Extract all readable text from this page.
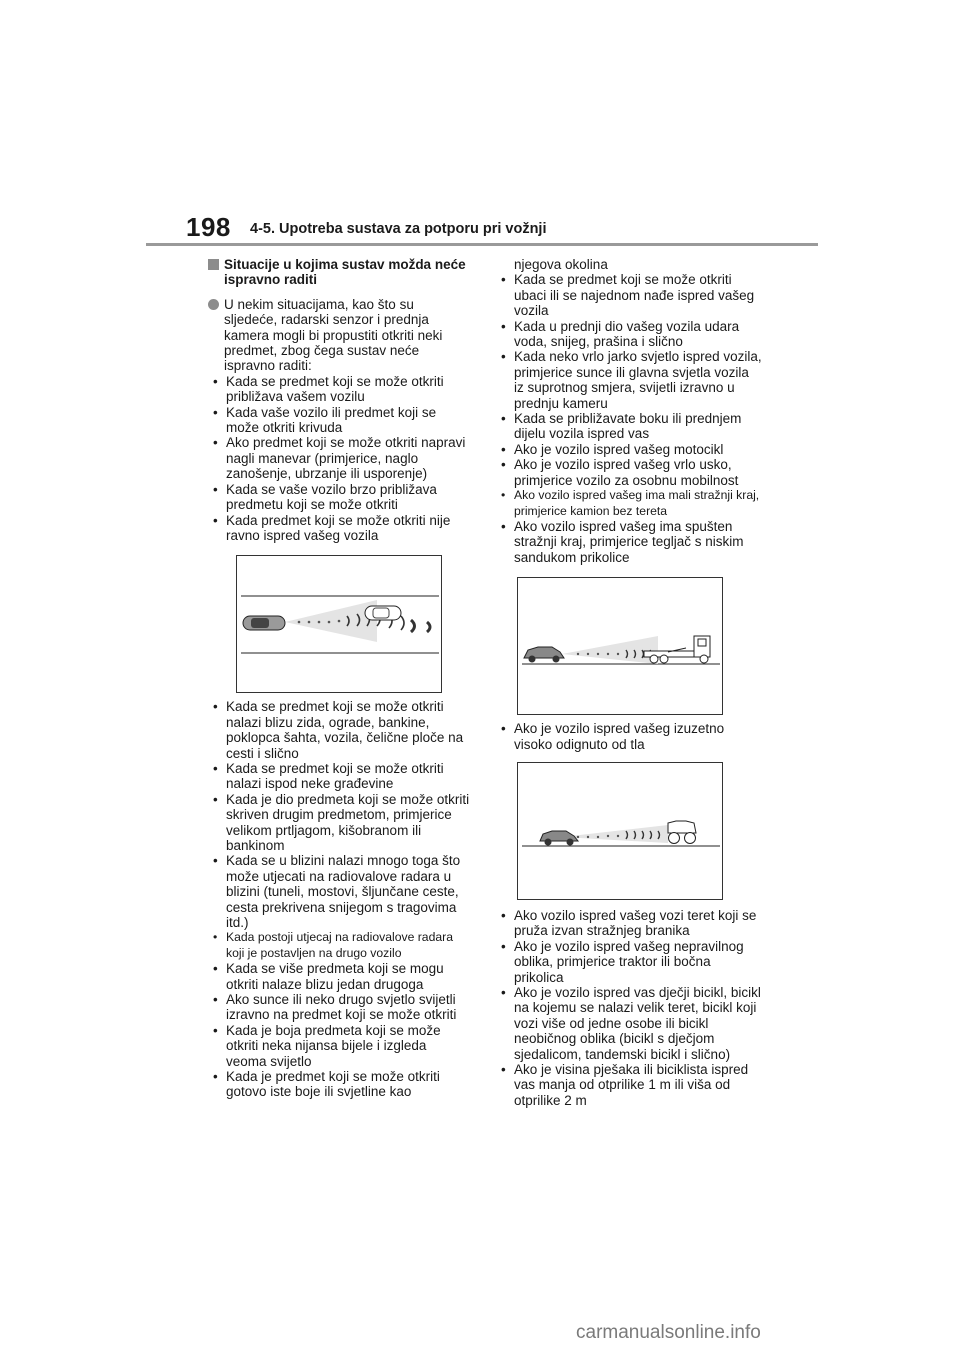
198 4-5. Upotreba sustava za potporu pri vožnji
Situacije u kojima sustav možda neće ispravno raditi
U nekim situacijama, kao što su sljedeće, radarski senzor i prednja kamera mogli bi propustiti otkriti neki predmet, zbog čega sustav neće ispravno raditi:
• Kada se predmet koji se može otkriti približava vašem vozilu
• Kada vaše vozilo ili predmet koji se može otkriti krivuda
• Ako predmet koji se može otkriti napravi nagli manevar (primjerice, naglo zanošenje, ubrzanje ili usporenje)
• Kada se vaše vozilo brzo približava predmetu koji se može otkriti
• Kada predmet koji se može otkriti nije ravno ispred vašeg vozila
• Kada se predmet koji se može otkriti nalazi blizu zida, ograde, bankine, poklopca šahta, vozila, čelične ploče na cesti i slično
• Kada se predmet koji se može otkriti nalazi ispod neke građevine
• Kada je dio predmeta koji se može otkriti skriven drugim predmetom, primjerice velikom prtljagom, kišobranom ili bankinom
• Kada se u blizini nalazi mnogo toga što može utjecati na radiovalove radara u blizini (tuneli, mostovi, šljunčane ceste, cesta prekrivena snijegom s tragovima itd.)
• Kada postoji utjecaj na radiovalove radara koji je postavljen na drugo vozilo
• Kada se više predmeta koji se mogu otkriti nalaze blizu jedan drugoga
• Ako sunce ili neko drugo svjetlo svijetli izravno na predmet koji se može otkriti
• Kada je boja predmeta koji se može otkriti neka nijansa bijele i izgleda veoma svijetlo
• Kada je predmet koji se može otkriti gotovo iste boje ili svjetline kao
njegova okolina
• Kada se predmet koji se može otkriti ubaci ili se najednom nađe ispred vašeg vozila
• Kada u prednji dio vašeg vozila udara voda, snijeg, prašina i slično
• Kada neko vrlo jarko svjetlo ispred vozila, primjerice sunce ili glavna svjetla vozila iz suprotnog smjera, svijetli izravno u prednju kameru
• Kada se približavate boku ili prednjem dijelu vozila ispred vas
• Ako je vozilo ispred vašeg motocikl
• Ako je vozilo ispred vašeg vrlo usko, primjerice vozilo za osobnu mobilnost
• Ako vozilo ispred vašeg ima mali stražnji kraj, primjerice kamion bez tereta
• Ako vozilo ispred vašeg ima spušten stražnji kraj, primjerice tegljač s niskim sandukom prikolice
• Ako je vozilo ispred vašeg izuzetno visoko odignuto od tla
• Ako vozilo ispred vašeg vozi teret koji se pruža izvan stražnjeg branika
• Ako je vozilo ispred vašeg nepravilnog oblika, primjerice traktor ili bočna prikolica
• Ako je vozilo ispred vas dječji bicikl, bicikl na kojemu se nalazi velik teret, bicikl koji vozi više od jedne osobe ili bicikl neobičnog oblika (bicikl s dječjom sjedalicom, tandemski bicikl i slično)
• Ako je visina pješaka ili biciklista ispred vas manja od otprilike 1 m ili viša od otprilike 2 m
carmanualsonline.info
